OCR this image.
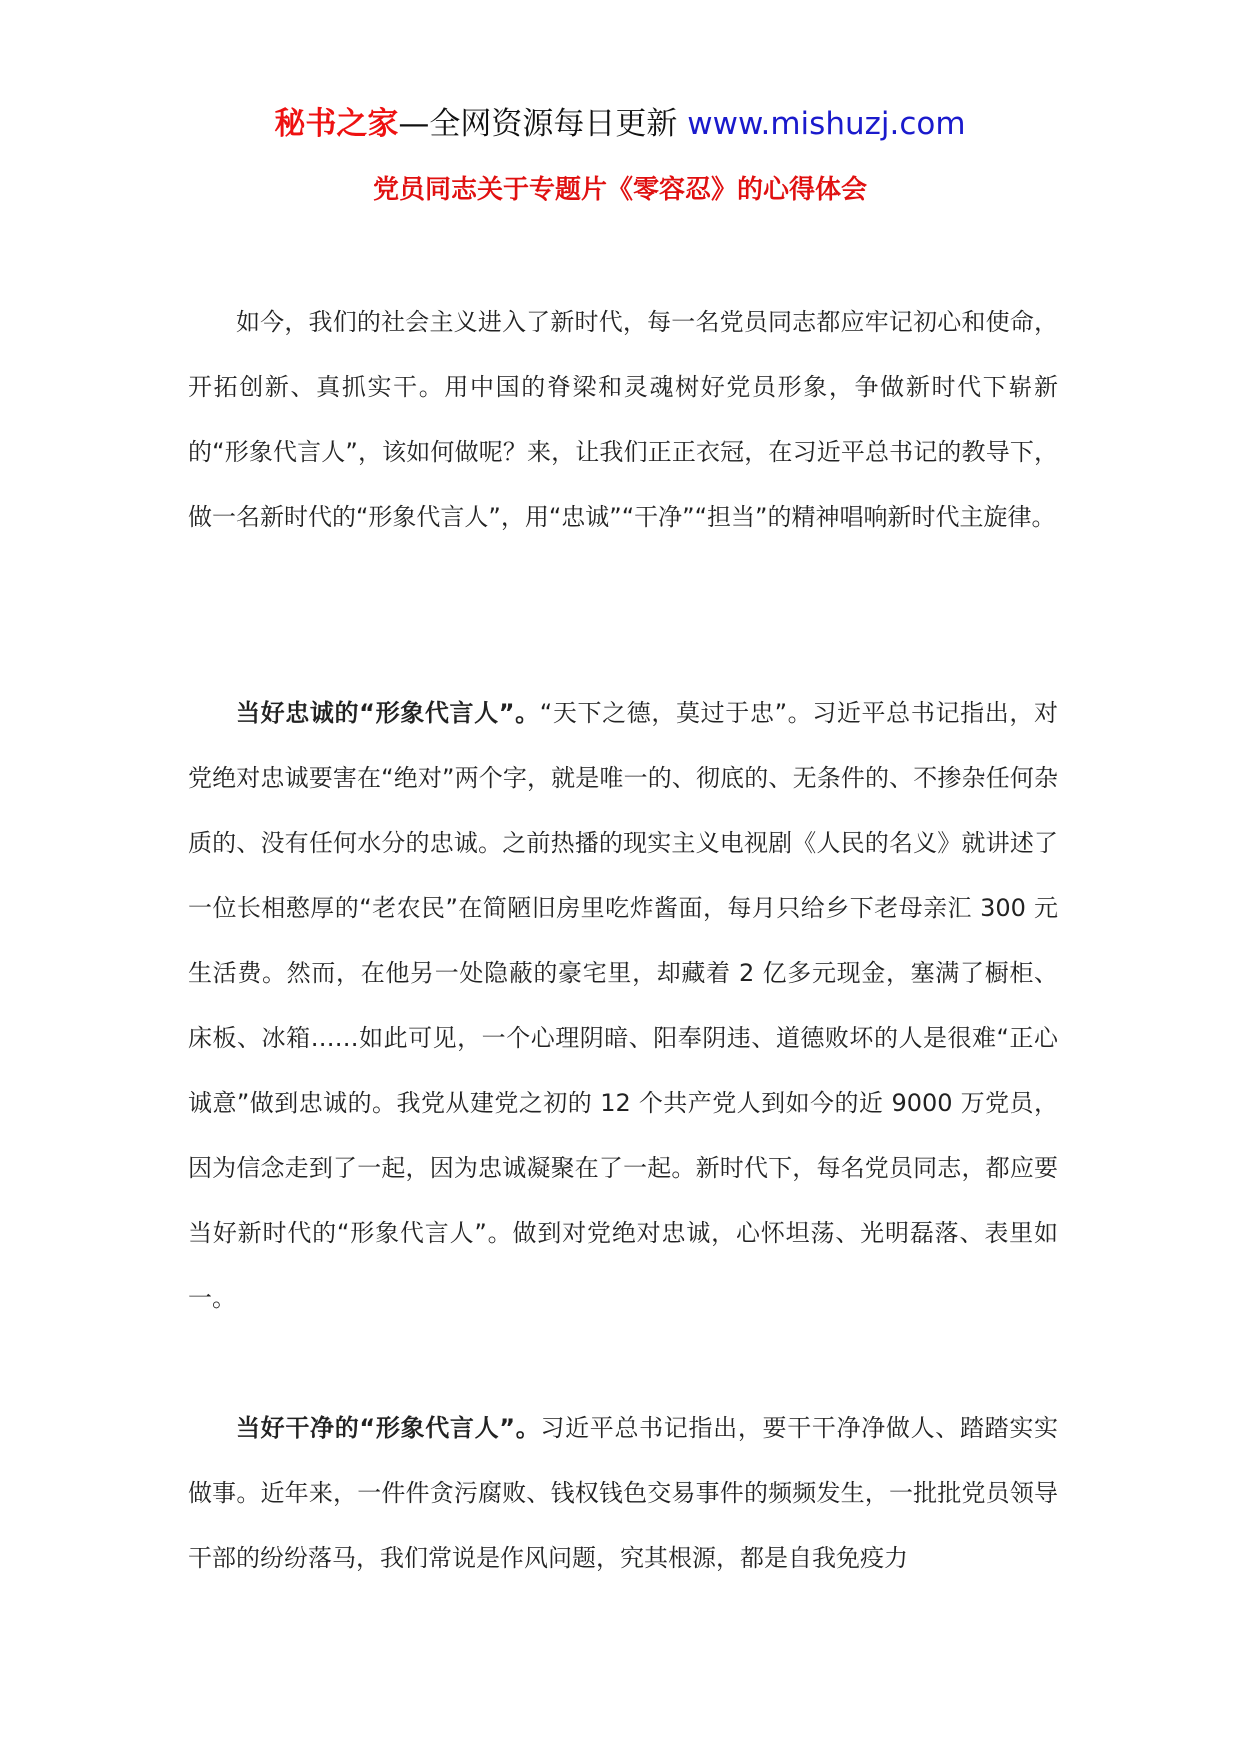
秘书之家—全网资源每日更新 www.mishuzj.com
党员同志关于专题片《零容忍》的心得体会

如今，我们的社会主义进入了新时代，每一名党员同志都应牢记初心和使命，开拓创新、真抓实干。用中国的脊梁和灵魂树好党员形象，争做新时代下崭新的“形象代言人”，该如何做呢？来，让我们正正衣冠，在习近平总书记的教导下，做一名新时代的“形象代言人”，用“忠诚”“干净”“担当”的精神唱响新时代主旋律。

当好忠诚的“形象代言人”。“天下之德，莫过于忠”。习近平总书记指出，对党绝对忠诚要害在“绝对”两个字，就是唯一的、彻底的、无条件的、不掺杂任何杂质的、没有任何水分的忠诚。之前热播的现实主义电视剧《人民的名义》就讲述了一位长相憨厚的“老农民”在简陋旧房里吃炸酱面，每月只给乡下老母亲汇 300 元生活费。然而，在他另一处隐蔽的豪宅里，却藏着 2 亿多元现金，塞满了橱柜、床板、冰箱……如此可见，一个心理阴暗、阳奉阴违、道德败坏的人是很难“正心诚意”做到忠诚的。我党从建党之初的 12 个共产党人到如今的近 9000 万党员，因为信念走到了一起，因为忠诚凝聚在了一起。新时代下，每名党员同志，都应要当好新时代的“形象代言人”。做到对党绝对忠诚，心怀坦荡、光明磊落、表里如一。

当好干净的“形象代言人”。习近平总书记指出，要干干净净做人、踏踏实实做事。近年来，一件件贪污腐败、钱权钱色交易事件的频频发生，一批批党员领导干部的纷纷落马，我们常说是作风问题，究其根源，都是自我免疫力
